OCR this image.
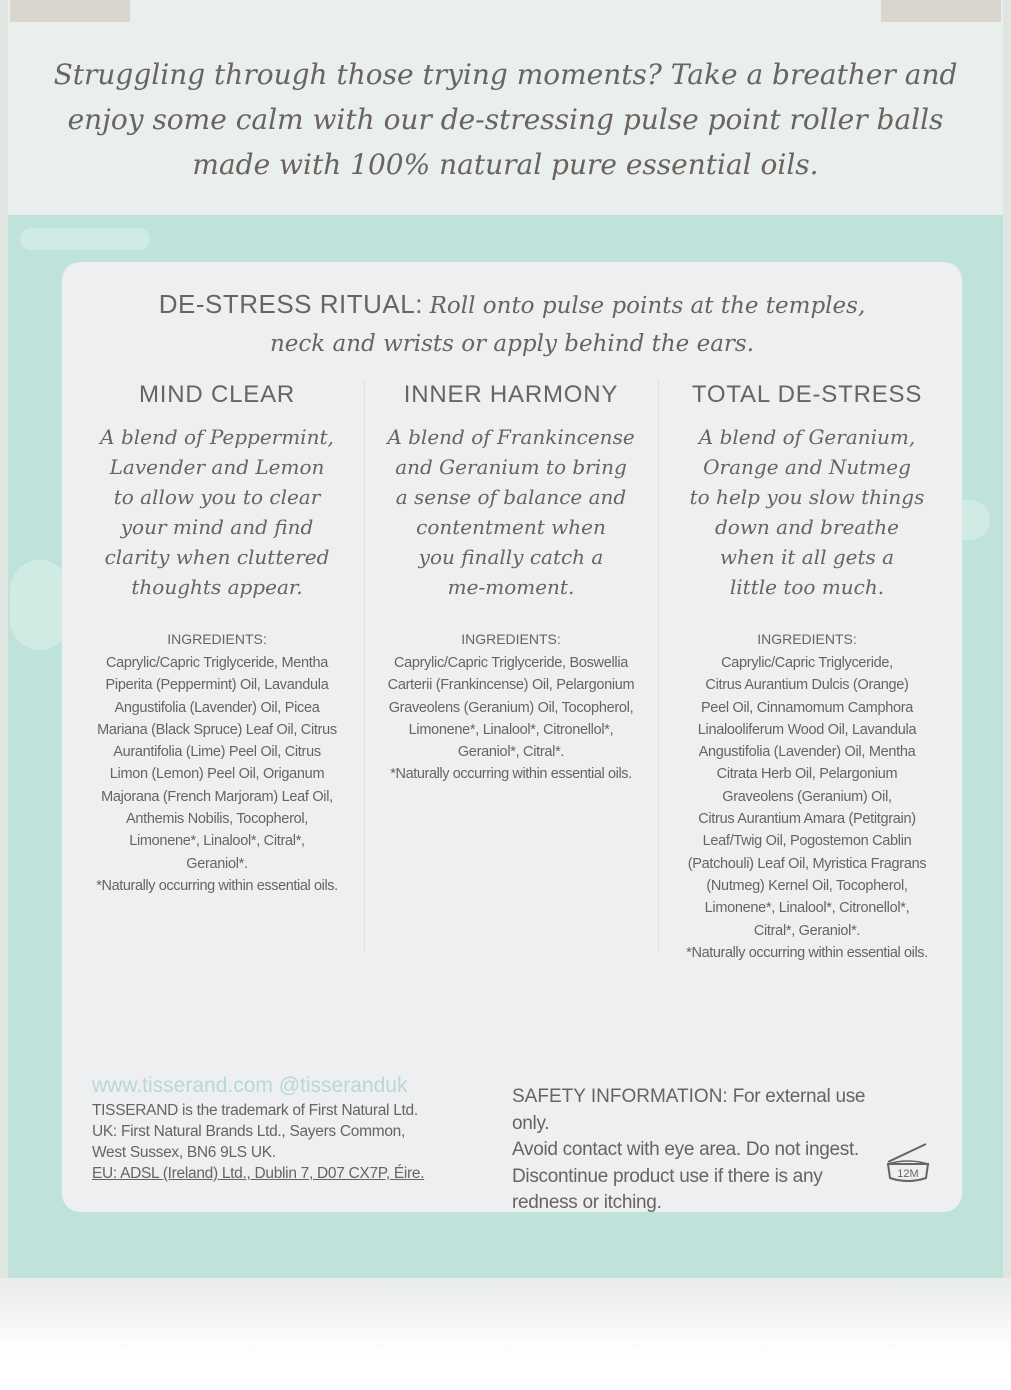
Struggling through those trying moments? Take a breather and
enjoy some calm with our de-stressing pulse point roller balls
made with 100% natural pure essential oils.
DE-STRESS RITUAL: Roll onto pulse points at the temples,
neck and wrists or apply behind the ears.
MIND CLEAR
A blend of Peppermint,
Lavender and Lemon
to allow you to clear
your mind and find
clarity when cluttered
thoughts appear.
INGREDIENTS:
Caprylic/Capric Triglyceride, Mentha
Piperita (Peppermint) Oil, Lavandula
Angustifolia (Lavender) Oil, Picea
Mariana (Black Spruce) Leaf Oil, Citrus
Aurantifolia (Lime) Peel Oil, Citrus
Limon (Lemon) Peel Oil, Origanum
Majorana (French Marjoram) Leaf Oil,
Anthemis Nobilis, Tocopherol,
Limonene*, Linalool*, Citral*,
Geraniol*.
*Naturally occurring within essential oils.
INNER HARMONY
A blend of Frankincense
and Geranium to bring
a sense of balance and
contentment when
you finally catch a
me-moment.
INGREDIENTS:
Caprylic/Capric Triglyceride, Boswellia
Carterii (Frankincense) Oil, Pelargonium
Graveolens (Geranium) Oil, Tocopherol,
Limonene*, Linalool*, Citronellol*,
Geraniol*, Citral*.
*Naturally occurring within essential oils.
TOTAL DE-STRESS
A blend of Geranium,
Orange and Nutmeg
to help you slow things
down and breathe
when it all gets a
little too much.
INGREDIENTS:
Caprylic/Capric Triglyceride,
Citrus Aurantium Dulcis (Orange)
Peel Oil, Cinnamomum Camphora
Linalooliferum Wood Oil, Lavandula
Angustifolia (Lavender) Oil, Mentha
Citrata Herb Oil, Pelargonium
Graveolens (Geranium) Oil,
Citrus Aurantium Amara (Petitgrain)
Leaf/Twig Oil, Pogostemon Cablin
(Patchouli) Leaf Oil, Myristica Fragrans
(Nutmeg) Kernel Oil, Tocopherol,
Limonene*, Linalool*, Citronellol*,
Citral*, Geraniol*.
*Naturally occurring within essential oils.
www.tisserand.com @tisseranduk
TISSERAND is the trademark of First Natural Ltd.
UK: First Natural Brands Ltd., Sayers Common,
West Sussex, BN6 9LS UK.
EU: ADSL (Ireland) Ltd., Dublin 7, D07 CX7P, Éire.
SAFETY INFORMATION: For external use only.
Avoid contact with eye area. Do not ingest.
Discontinue product use if there is any
redness or itching.
12M
